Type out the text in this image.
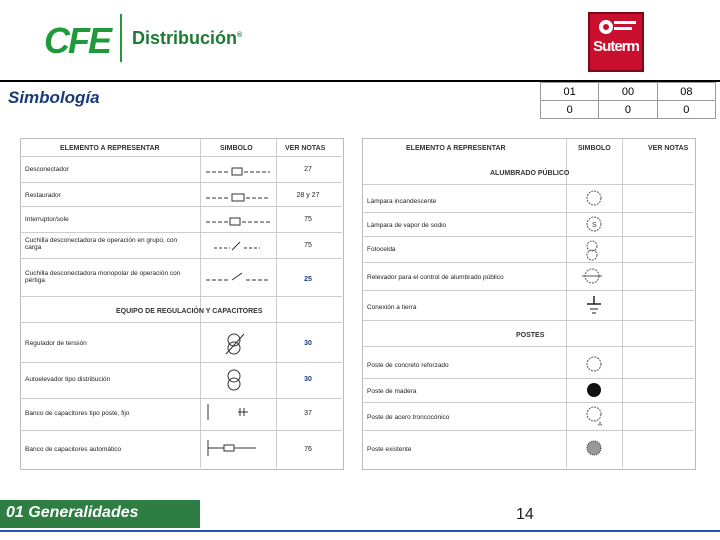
CFE Distribución®
Suterm
Simbología	01	00	08
0	0	0
ELEMENTO A REPRESENTAR	SIMBOLO	VER NOTAS
Desconectador	27
Restaurador	28 y 27
Interruptor/sole	75
Cuchilla desconectadora de operación en grupo, con carga	75
Cuchilla desconectadora monopolar de operación con pértiga	25
EQUIPO DE REGULACIÓN Y CAPACITORES
Regulador de tensión	30
Autoelevador tipo distribución	30
Banco de capacitores tipo poste, fijo	37
Banco de capacitores automático	76
ELEMENTO A REPRESENTAR	SIMBOLO	VER NOTAS
ALUMBRADO PÚBLICO
Lámpara incandescente
Lámpara de vapor de sodio	S
Fotocelda
Relevador para el control de alumbrado público
Conexión a tierra
POSTES
Poste de concreto reforzado
Poste de madera
Poste de acero troncocónico
A
Poste existente
01 Generalidades	14
